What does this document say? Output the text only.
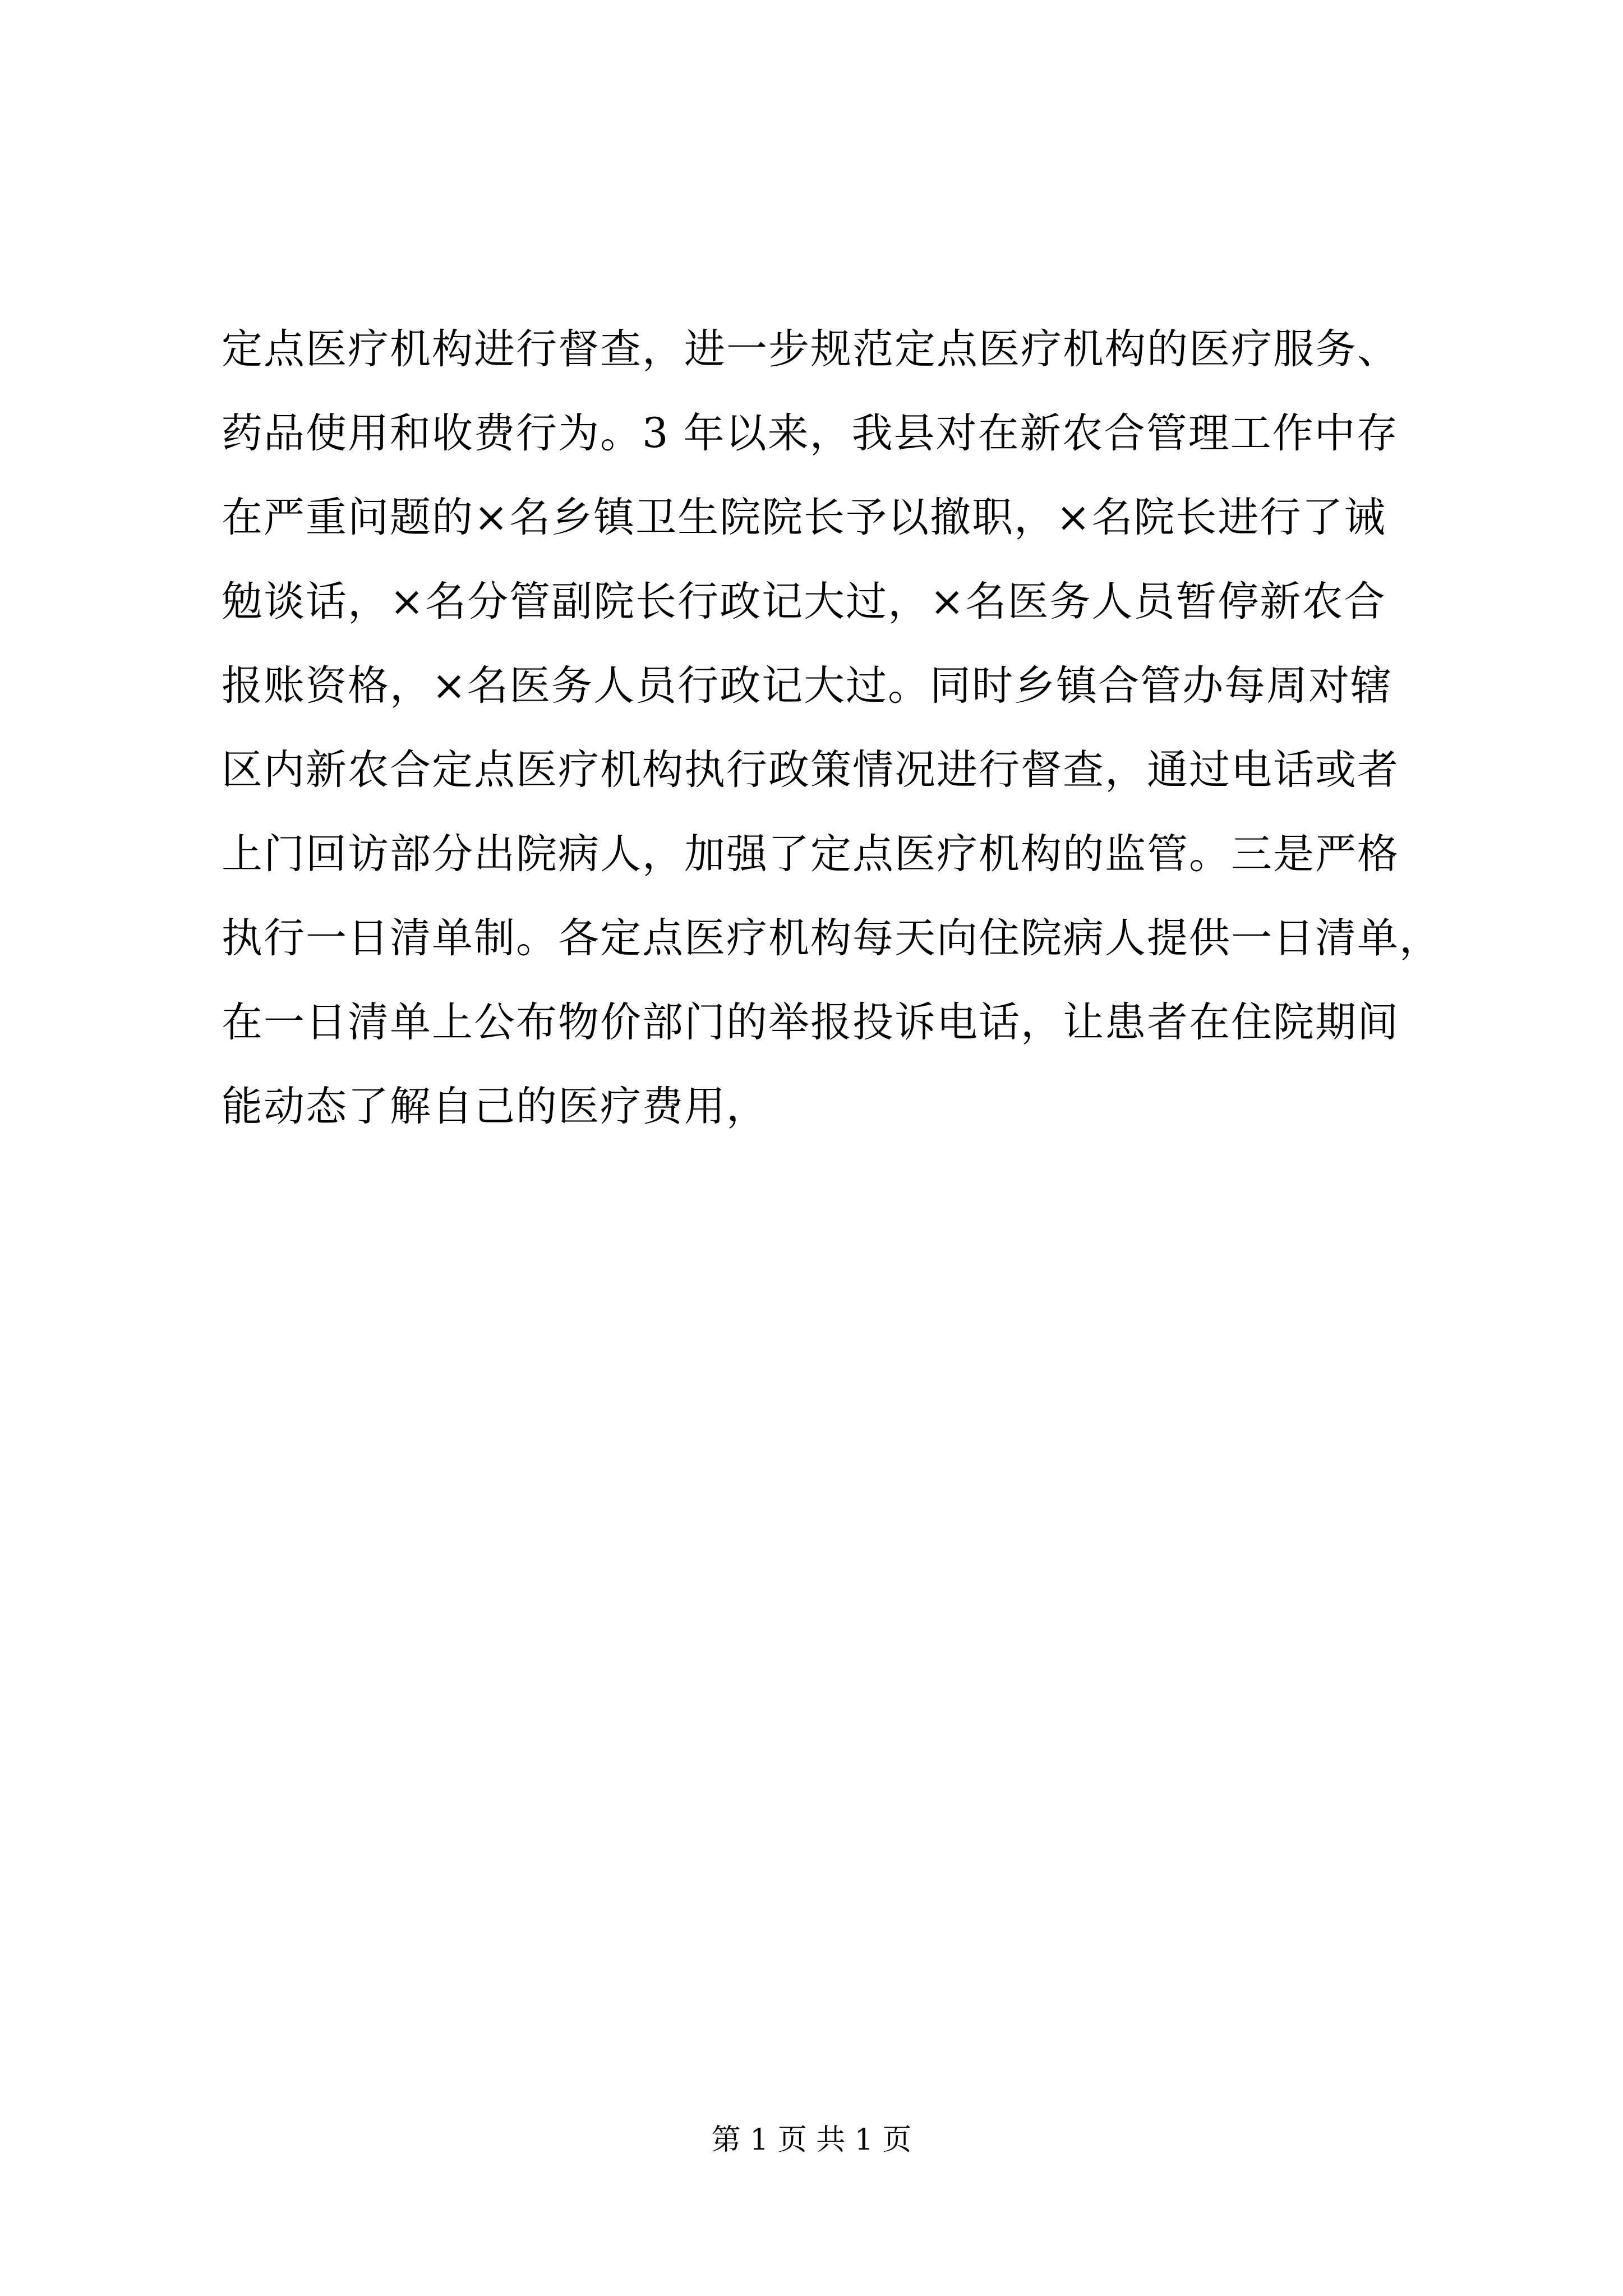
定点医疗机构进行督查，进一步规范定点医疗机构的医疗服务、
药品使用和收费行为。3 年以来，我县对在新农合管理工作中存
在严重问题的×名乡镇卫生院院长予以撤职，×名院长进行了诫
勉谈话，×名分管副院长行政记大过，×名医务人员暂停新农合
报账资格，×名医务人员行政记大过。同时乡镇合管办每周对辖
区内新农合定点医疗机构执行政策情况进行督查，通过电话或者
上门回访部分出院病人，加强了定点医疗机构的监管。三是严格
执行一日清单制。各定点医疗机构每天向住院病人提供一日清单，
在一日清单上公布物价部门的举报投诉电话，让患者在住院期间
能动态了解自己的医疗费用，
第 1 页 共 1 页
